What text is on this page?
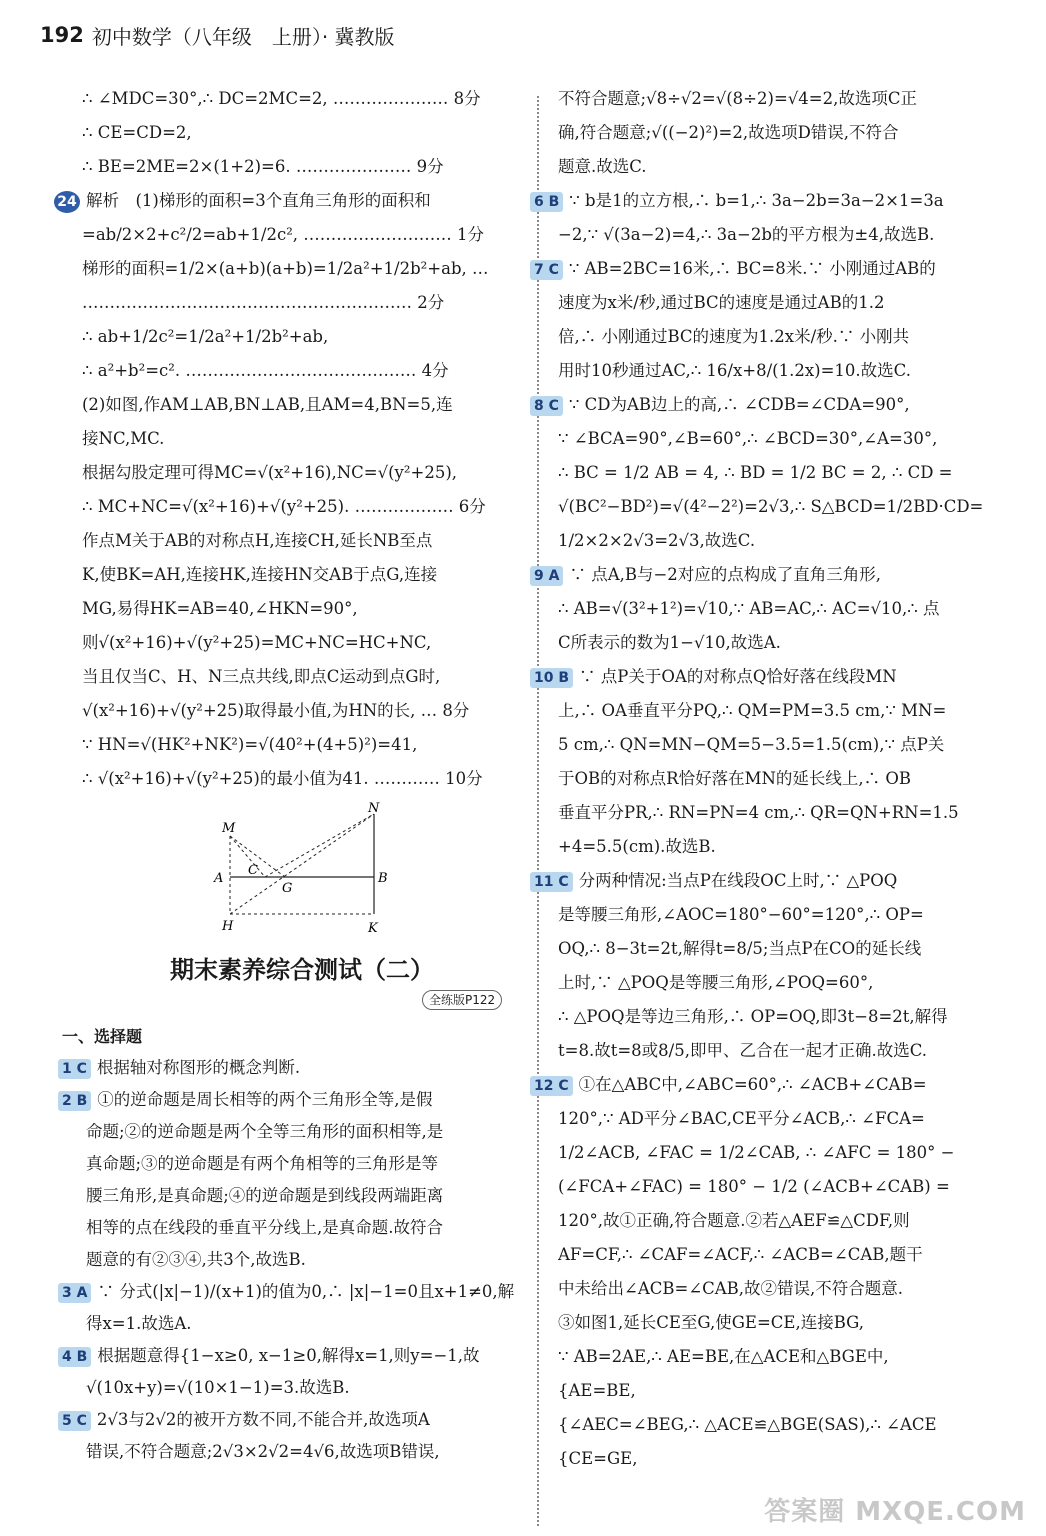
192 初中数学（八年级　上册）· 冀教版
∴ ∠MDC=30°,∴ DC=2MC=2, ………………… 8分
∴ CE=CD=2,
∴ BE=2ME=2×(1+2)=6. ………………… 9分
24 解析　(1)梯形的面积=3个直角三角形的面积和
=ab/2×2+c²/2=ab+1/2c², ……………………… 1分
梯形的面积=1/2×(a+b)(a+b)=1/2a²+1/2b²+ab, …
…………………………………………………… 2分
∴ ab+1/2c²=1/2a²+1/2b²+ab,
∴ a²+b²=c². …………………………………… 4分
(2)如图,作AM⊥AB,BN⊥AB,且AM=4,BN=5,连
接NC,MC.
根据勾股定理可得MC=√(x²+16),NC=√(y²+25),
∴ MC+NC=√(x²+16)+√(y²+25). ……………… 6分
作点M关于AB的对称点H,连接CH,延长NB至点
K,使BK=AH,连接HK,连接HN交AB于点G,连接
MG,易得HK=AB=40,∠HKN=90°,
则√(x²+16)+√(y²+25)=MC+NC=HC+NC,
当且仅当C、H、N三点共线,即点C运动到点G时,
√(x²+16)+√(y²+25)取得最小值,为HN的长, … 8分
∵ HN=√(HK²+NK²)=√(40²+(4+5)²)=41,
∴ √(x²+16)+√(y²+25)的最小值为41. ………… 10分
M
N
A
C
G
B
H	K
期末素养综合测试（二）
全练版P122
一、选择题
1 C 根据轴对称图形的概念判断.
2 B ①的逆命题是周长相等的两个三角形全等,是假
命题;②的逆命题是两个全等三角形的面积相等,是
真命题;③的逆命题是有两个角相等的三角形是等
腰三角形,是真命题;④的逆命题是到线段两端距离
相等的点在线段的垂直平分线上,是真命题.故符合
题意的有②③④,共3个,故选B.
3 A ∵ 分式(|x|−1)/(x+1)的值为0,∴ |x|−1=0且x+1≠0,解
得x=1.故选A.
4 B 根据题意得{1−x≥0, x−1≥0,解得x=1,则y=−1,故
√(10x+y)=√(10×1−1)=3.故选B.
5 C 2√3与2√2的被开方数不同,不能合并,故选项A
错误,不符合题意;2√3×2√2=4√6,故选项B错误,
不符合题意;√8÷√2=√(8÷2)=√4=2,故选项C正
确,符合题意;√((−2)²)=2,故选项D错误,不符合
题意.故选C.
6 B ∵ b是1的立方根,∴ b=1,∴ 3a−2b=3a−2×1=3a
−2,∵ √(3a−2)=4,∴ 3a−2b的平方根为±4,故选B.
7 C ∵ AB=2BC=16米,∴ BC=8米.∵ 小刚通过AB的
速度为x米/秒,通过BC的速度是通过AB的1.2
倍,∴ 小刚通过BC的速度为1.2x米/秒.∵ 小刚共
用时10秒通过AC,∴ 16/x+8/(1.2x)=10.故选C.
8 C ∵ CD为AB边上的高,∴ ∠CDB=∠CDA=90°,
∵ ∠BCA=90°,∠B=60°,∴ ∠BCD=30°,∠A=30°,
∴ BC = 1/2 AB = 4, ∴ BD = 1/2 BC = 2, ∴ CD =
√(BC²−BD²)=√(4²−2²)=2√3,∴ S△BCD=1/2BD·CD=
1/2×2×2√3=2√3,故选C.
9 A ∵ 点A,B与−2对应的点构成了直角三角形,
∴ AB=√(3²+1²)=√10,∵ AB=AC,∴ AC=√10,∴ 点
C所表示的数为1−√10,故选A.
10 B ∵ 点P关于OA的对称点Q恰好落在线段MN
上,∴ OA垂直平分PQ,∴ QM=PM=3.5 cm,∵ MN=
5 cm,∴ QN=MN−QM=5−3.5=1.5(cm),∵ 点P关
于OB的对称点R恰好落在MN的延长线上,∴ OB
垂直平分PR,∴ RN=PN=4 cm,∴ QR=QN+RN=1.5
+4=5.5(cm).故选B.
11 C 分两种情况:当点P在线段OC上时,∵ △POQ
是等腰三角形,∠AOC=180°−60°=120°,∴ OP=
OQ,∴ 8−3t=2t,解得t=8/5;当点P在CO的延长线
上时,∵ △POQ是等腰三角形,∠POQ=60°,
∴ △POQ是等边三角形,∴ OP=OQ,即3t−8=2t,解得
t=8.故t=8或8/5,即甲、乙合在一起才正确.故选C.
12 C ①在△ABC中,∠ABC=60°,∴ ∠ACB+∠CAB=
120°,∵ AD平分∠BAC,CE平分∠ACB,∴ ∠FCA=
1/2∠ACB, ∠FAC = 1/2∠CAB, ∴ ∠AFC = 180° −
(∠FCA+∠FAC) = 180° − 1/2 (∠ACB+∠CAB) =
120°,故①正确,符合题意.②若△AEF≌△CDF,则
AF=CF,∴ ∠CAF=∠ACF,∴ ∠ACB=∠CAB,题干
中未给出∠ACB=∠CAB,故②错误,不符合题意.
③如图1,延长CE至G,使GE=CE,连接BG,
∵ AB=2AE,∴ AE=BE,在△ACE和△BGE中,
{AE=BE,
{∠AEC=∠BEG,∴ △ACE≌△BGE(SAS),∴ ∠ACE
{CE=GE,
答案圈 MXQE.COM
